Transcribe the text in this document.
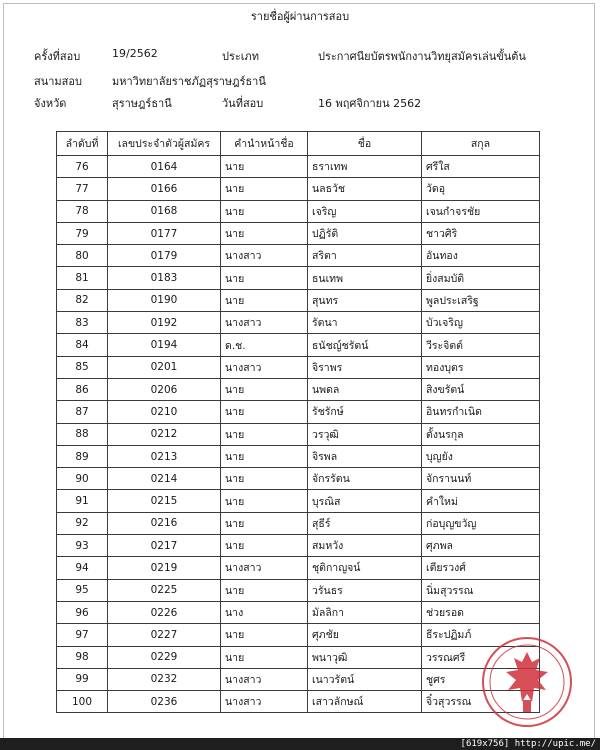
รายชื่อผู้ผ่านการสอบ
ครั้งที่สอบ	19/2562	ประเภท	ประกาศนียบัตรพนักงานวิทยุสมัครเล่นขั้นต้น
สนามสอบ	มหาวิทยาลัยราชภัฏสุราษฎร์ธานี
จังหวัด	สุราษฎร์ธานี	วันที่สอบ	16 พฤศจิกายน 2562
ลำดับที่	เลขประจำตัวผู้สมัคร	คำนำหน้าชื่อ	ชื่อ	สกุล
76	0164	นาย	ธราเทพ	ศรีใส
77	0166	นาย	นลธวัช	วัดอุ
78	0168	นาย	เจริญ	เจนกำจรชัย
79	0177	นาย	ปฏิรัติ	ชาวศิริ
80	0179	นางสาว	สริตา	อันทอง
81	0183	นาย	ธนเทพ	ยิ่งสมบัติ
82	0190	นาย	สุนทร	พูลประเสริฐ
83	0192	นางสาว	รัตนา	บัวเจริญ
84	0194	ด.ช.	ธนัชญ์ชรัตน์	วีระจิตต์
85	0201	นางสาว	จิราพร	ทองบุตร
86	0206	นาย	นพดล	สิงขรัตน์
87	0210	นาย	รัชรักษ์	อินทรกำเนิด
88	0212	นาย	วรวุฒิ	ตั้งนรกุล
89	0213	นาย	จิรพล	บุญยัง
90	0214	นาย	จักรรัตน	จักรานนท์
91	0215	นาย	บุรณิส	คำใหม่
92	0216	นาย	สุธีร์	ก่อบุญขวัญ
93	0217	นาย	สมหวัง	ศุภพล
94	0219	นางสาว	ชุติกาญจน์	เตียรวงศ์
95	0225	นาย	วรันธร	นิ่มสุวรรณ
96	0226	นาง	มัลลิกา	ช่วยรอด
97	0227	นาย	ศุภชัย	ธีระปฏิมภ์
98	0229	นาย	พนาวุฒิ	วรรณศรี
99	0232	นางสาว	เนาวรัตน์	ชูศร
100	0236	นางสาว	เสาวลักษณ์	จิ๋วสุวรรณ
[619x756] http://upic.me/
